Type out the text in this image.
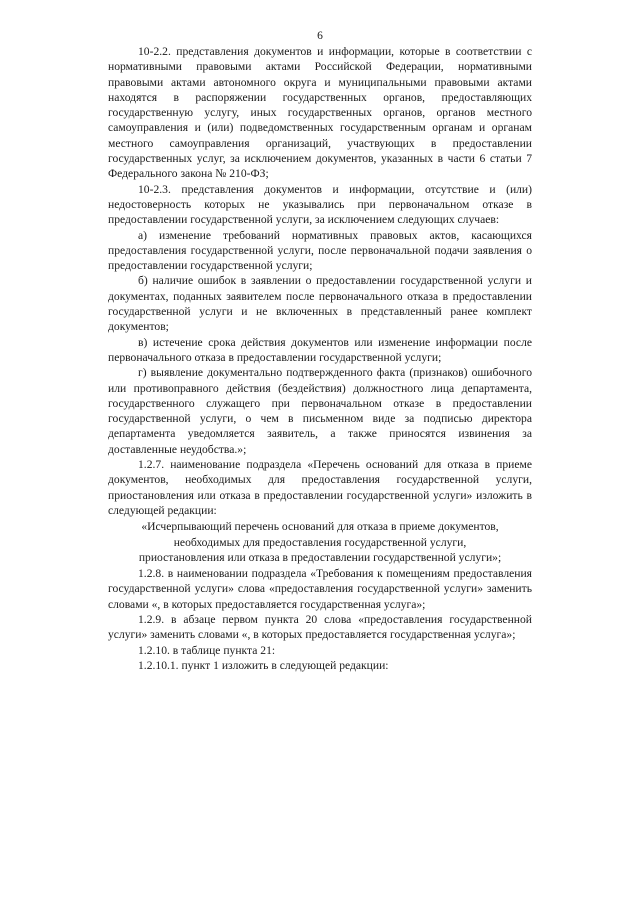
6

10-2.2. представления документов и информации, которые в соответствии с нормативными правовыми актами Российской Федерации, нормативными правовыми актами автономного округа и муниципальными правовыми актами находятся в распоряжении государственных органов, предоставляющих государственную услугу, иных государственных органов, органов местного самоуправления и (или) подведомственных государственным органам и органам местного самоуправления организаций, участвующих в предоставлении государственных услуг, за исключением документов, указанных в части 6 статьи 7 Федерального закона № 210-ФЗ;

10-2.3. представления документов и информации, отсутствие и (или) недостоверность которых не указывались при первоначальном отказе в предоставлении государственной услуги, за исключением следующих случаев:

а) изменение требований нормативных правовых актов, касающихся предоставления государственной услуги, после первоначальной подачи заявления о предоставлении государственной услуги;

б) наличие ошибок в заявлении о предоставлении государственной услуги и документах, поданных заявителем после первоначального отказа в предоставлении государственной услуги и не включенных в представленный ранее комплект документов;

в) истечение срока действия документов или изменение информации после первоначального отказа в предоставлении государственной услуги;

г) выявление документально подтвержденного факта (признаков) ошибочного или противоправного действия (бездействия) должностного лица департамента, государственного служащего при первоначальном отказе в предоставлении государственной услуги, о чем в письменном виде за подписью директора департамента уведомляется заявитель, а также приносятся извинения за доставленные неудобства.»;

1.2.7. наименование подраздела «Перечень оснований для отказа в приеме документов, необходимых для предоставления государственной услуги, приостановления или отказа в предоставлении государственной услуги» изложить в следующей редакции:

«Исчерпывающий перечень оснований для отказа в приеме документов, необходимых для предоставления государственной услуги, приостановления или отказа в предоставлении государственной услуги»;

1.2.8. в наименовании подраздела «Требования к помещениям предоставления государственной услуги» слова «предоставления государственной услуги» заменить словами «, в которых предоставляется государственная услуга»;

1.2.9. в абзаце первом пункта 20 слова «предоставления государственной услуги» заменить словами «, в которых предоставляется государственная услуга»;

1.2.10. в таблице пункта 21:

1.2.10.1. пункт 1 изложить в следующей редакции:
